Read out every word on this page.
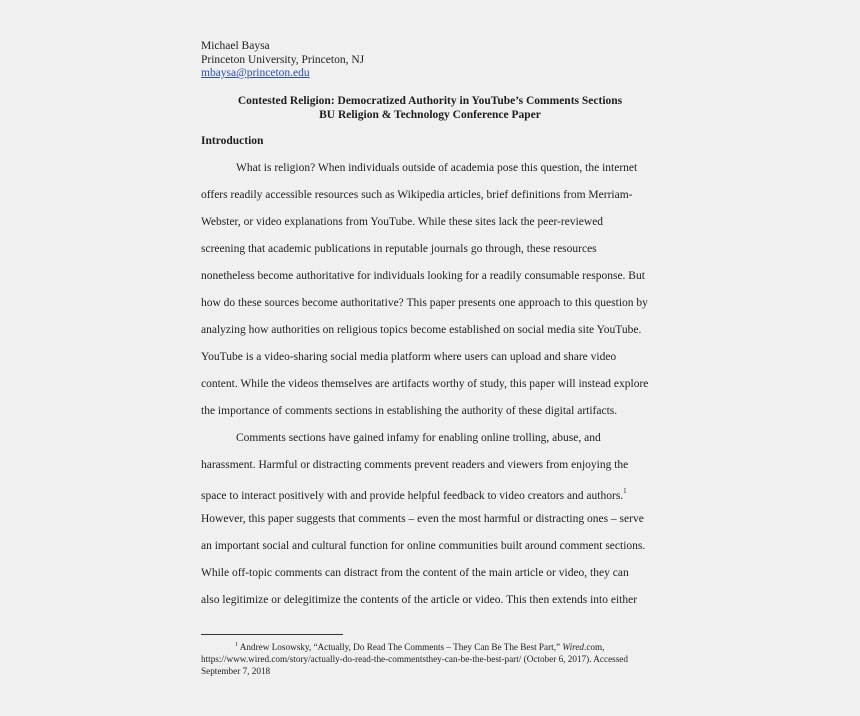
Michael Baysa
Princeton University, Princeton, NJ
mbaysa@princeton.edu
Contested Religion: Democratized Authority in YouTube’s Comments Sections
BU Religion & Technology Conference Paper
Introduction
What is religion? When individuals outside of academia pose this question, the internet
offers readily accessible resources such as Wikipedia articles, brief definitions from Merriam-
Webster, or video explanations from YouTube. While these sites lack the peer-reviewed
screening that academic publications in reputable journals go through, these resources
nonetheless become authoritative for individuals looking for a readily consumable response. But
how do these sources become authoritative? This paper presents one approach to this question by
analyzing how authorities on religious topics become established on social media site YouTube.
YouTube is a video-sharing social media platform where users can upload and share video
content. While the videos themselves are artifacts worthy of study, this paper will instead explore
the importance of comments sections in establishing the authority of these digital artifacts.
Comments sections have gained infamy for enabling online trolling, abuse, and
harassment. Harmful or distracting comments prevent readers and viewers from enjoying the
space to interact positively with and provide helpful feedback to video creators and authors.$^1$
However, this paper suggests that comments – even the most harmful or distracting ones – serve
an important social and cultural function for online communities built around comment sections.
While off-topic comments can distract from the content of the main article or video, they can
also legitimize or delegitimize the contents of the article or video. This then extends into either
$^1$ Andrew Losowsky, “Actually, Do Read The Comments – They Can Be The Best Part,” Wired.com,
https://www.wired.com/story/actually-do-read-the-commentsthey-can-be-the-best-part/ (October 6, 2017). Accessed
September 7, 2018
